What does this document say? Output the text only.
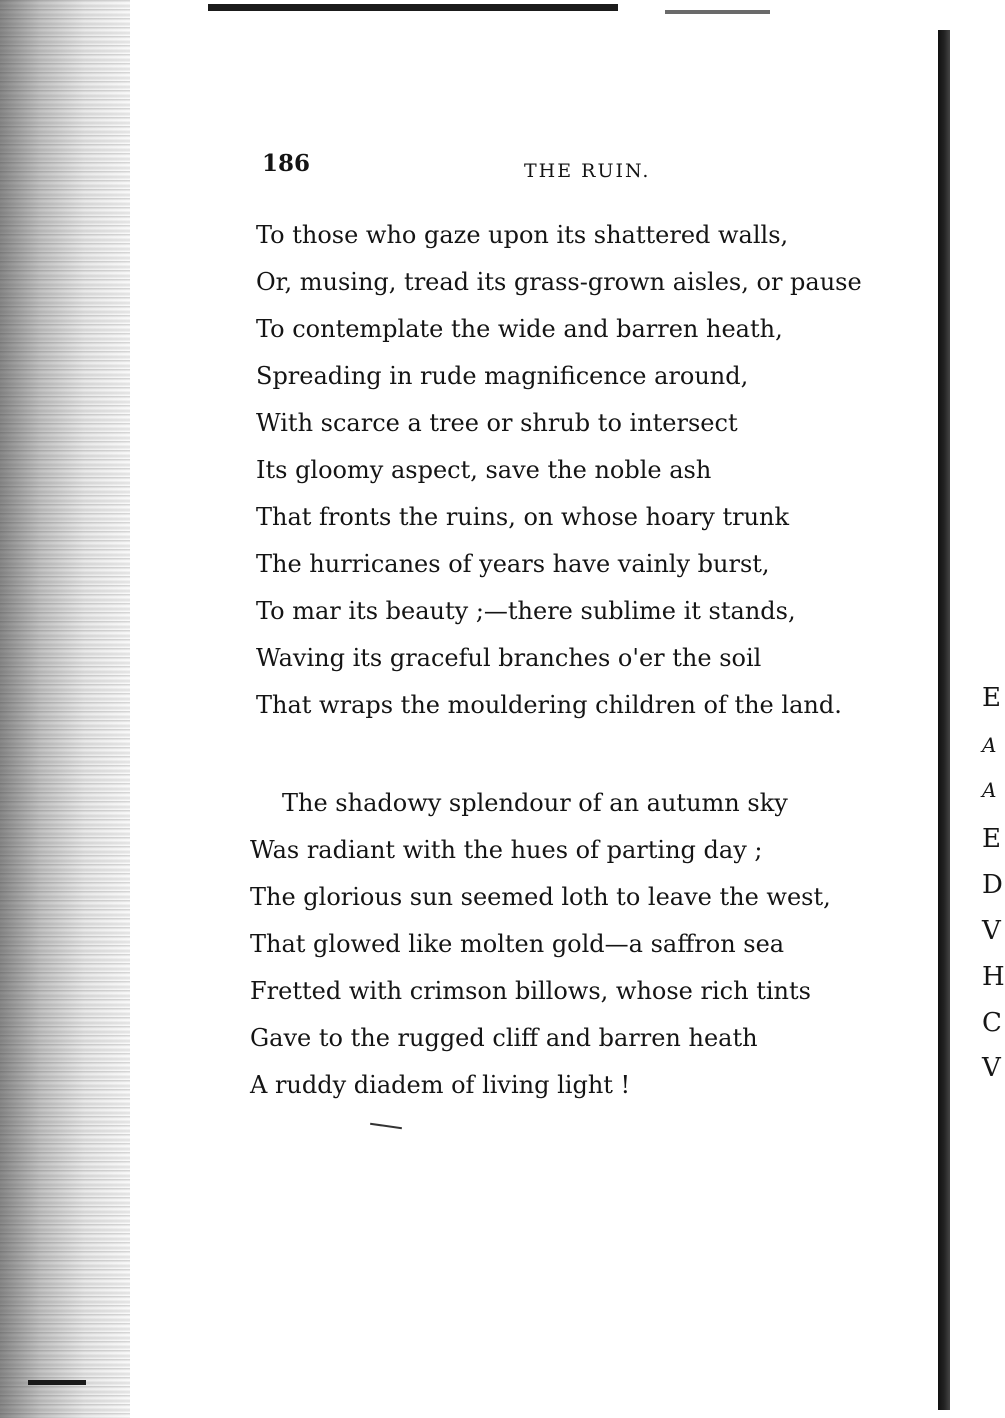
186	THE RUIN.
To those who gaze upon its shattered walls,
Or, musing, tread its grass-grown aisles, or pause
To contemplate the wide and barren heath,
Spreading in rude magnificence around,
With scarce a tree or shrub to intersect
Its gloomy aspect, save the noble ash
That fronts the ruins, on whose hoary trunk
The hurricanes of years have vainly burst,
To mar its beauty ;—there sublime it stands,
Waving its graceful branches o'er the soil
That wraps the mouldering children of the land.
The shadowy splendour of an autumn sky
Was radiant with the hues of parting day ;
The glorious sun seemed loth to leave the west,
That glowed like molten gold—a saffron sea
Fretted with crimson billows, whose rich tints
Gave to the rugged cliff and barren heath
A ruddy diadem of living light !
E
A
A
E
D
V
H
C
V
